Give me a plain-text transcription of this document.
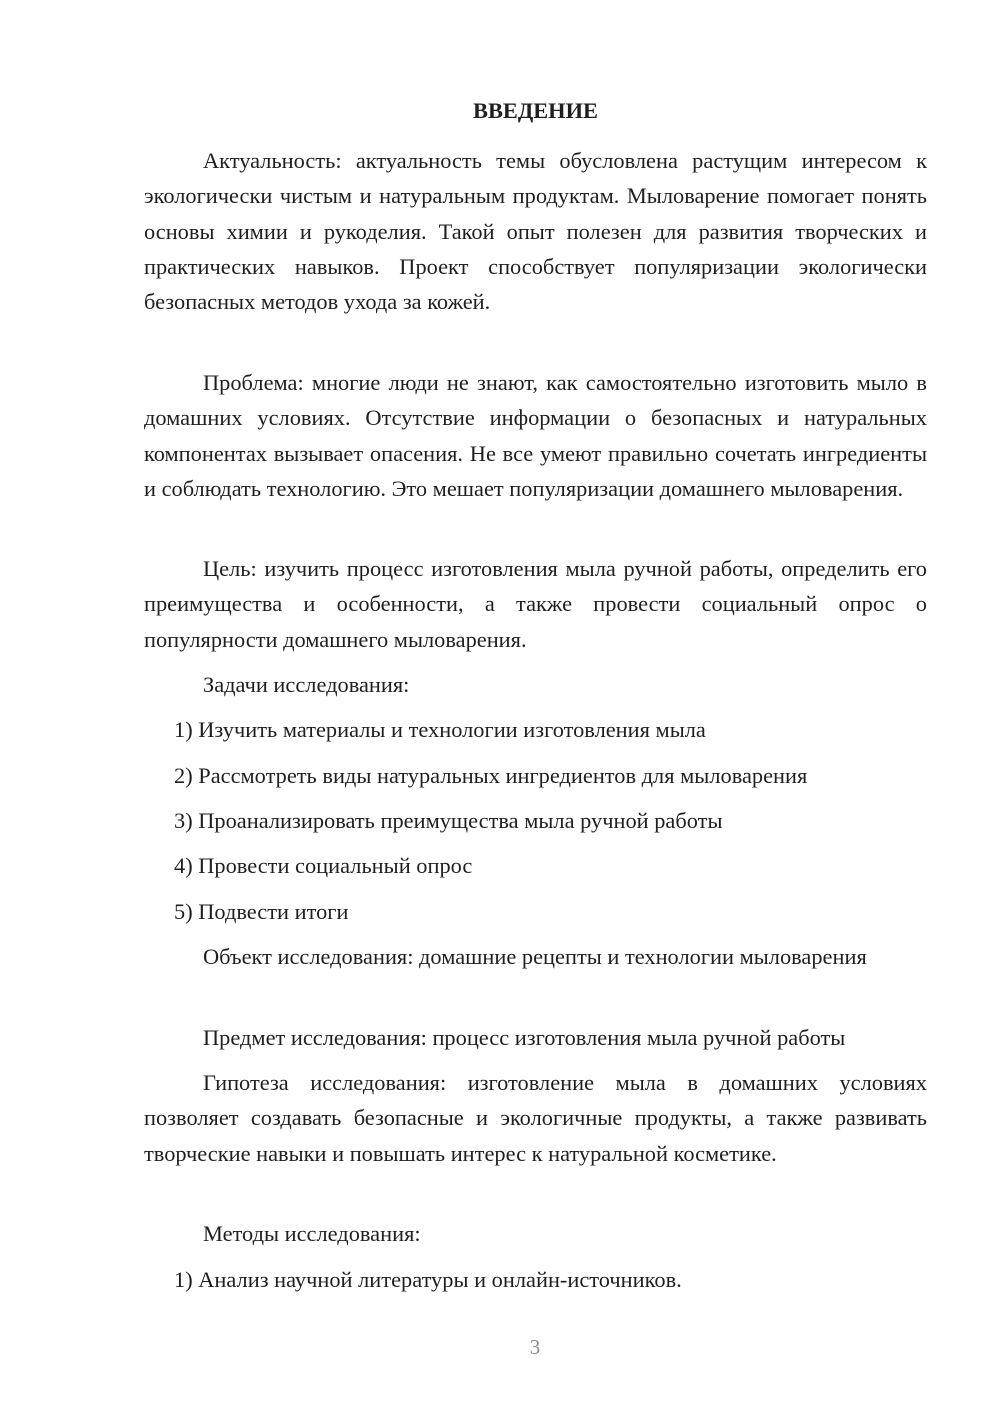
ВВЕДЕНИЕ

Актуальность: актуальность темы обусловлена растущим интересом к экологически чистым и натуральным продуктам. Мыловарение помогает понять основы химии и рукоделия. Такой опыт полезен для развития творческих и практических навыков. Проект способствует популяризации экологически безопасных методов ухода за кожей.

Проблема: многие люди не знают, как самостоятельно изготовить мыло в домашних условиях. Отсутствие информации о безопасных и натуральных компонентах вызывает опасения. Не все умеют правильно сочетать ингредиенты и соблюдать технологию. Это мешает популяризации домашнего мыловарения.

Цель: изучить процесс изготовления мыла ручной работы, определить его преимущества и особенности, а также провести социальный опрос о популярности домашнего мыловарения.

Задачи исследования:

1) Изучить материалы и технологии изготовления мыла

2) Рассмотреть виды натуральных ингредиентов для мыловарения

3) Проанализировать преимущества мыла ручной работы

4) Провести социальный опрос

5) Подвести итоги

Объект исследования: домашние рецепты и технологии мыловарения

Предмет исследования: процесс изготовления мыла ручной работы

Гипотеза исследования: изготовление мыла в домашних условиях позволяет создавать безопасные и экологичные продукты, а также развивать творческие навыки и повышать интерес к натуральной косметике.

Методы исследования:

1) Анализ научной литературы и онлайн-источников.

3
